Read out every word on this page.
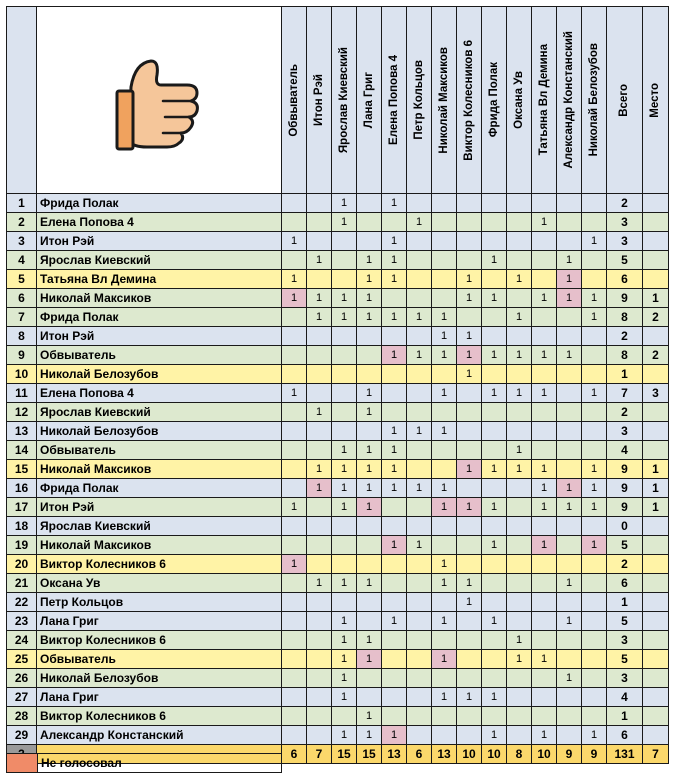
Обвыватель	Итон Рэй	Ярослав Киевский	Лана Григ	Елена Попова 4	Петр Кольцов	Николай Максиков	Виктор Колесников 6	Фрида Полак	Оксана Ув	Татьяна Вл Демина	Александр Констанский	Николай Белозубов	Всего	Место

1	Фрида Полак			1		1									2	
2	Елена Попова 4			1			1					1			3	
3	Итон Рэй	1				1								1	3	
4	Ярослав Киевский		1		1	1				1			1		5	
5	Татьяна Вл Демина	1			1	1			1		1		1		6	
6	Николай Максиков	1	1	1	1				1	1		1	1	1	9	1
7	Фрида Полак		1	1	1	1	1	1			1			1	8	2
8	Итон Рэй							1	1						2	
9	Обвыватель					1	1	1	1	1	1	1	1		8	2
10	Николай Белозубов								1						1	
11	Елена Попова 4	1			1			1		1	1	1		1	7	3
12	Ярослав Киевский		1		1										2	
13	Николай Белозубов					1	1	1							3	
14	Обвыватель			1	1	1					1				4	
15	Николай Максиков		1	1	1	1			1	1	1	1		1	9	1
16	Фрида Полак		1	1	1	1	1	1				1	1	1	9	1
17	Итон Рэй	1		1	1			1	1	1		1	1	1	9	1
18	Ярослав Киевский														0	
19	Николай Максиков					1	1			1		1		1	5	
20	Виктор Колесников 6	1						1							2	
21	Оксана Ув		1	1	1			1	1				1		6	
22	Петр Кольцов								1						1	
23	Лана Григ			1		1		1		1			1		5	
24	Виктор Колесников 6			1	1						1				3	
25	Обвыватель			1	1			1			1	1			5	
26	Николай Белозубов			1									1		3	
27	Лана Григ			1				1	1	1					4	
28	Виктор Колесников 6				1										1	
29	Александр Констанский			1	1	1				1		1		1	6	
		6	7	15	15	13	6	13	10	10	8	10	9	9	131	7
	Не голосовал
